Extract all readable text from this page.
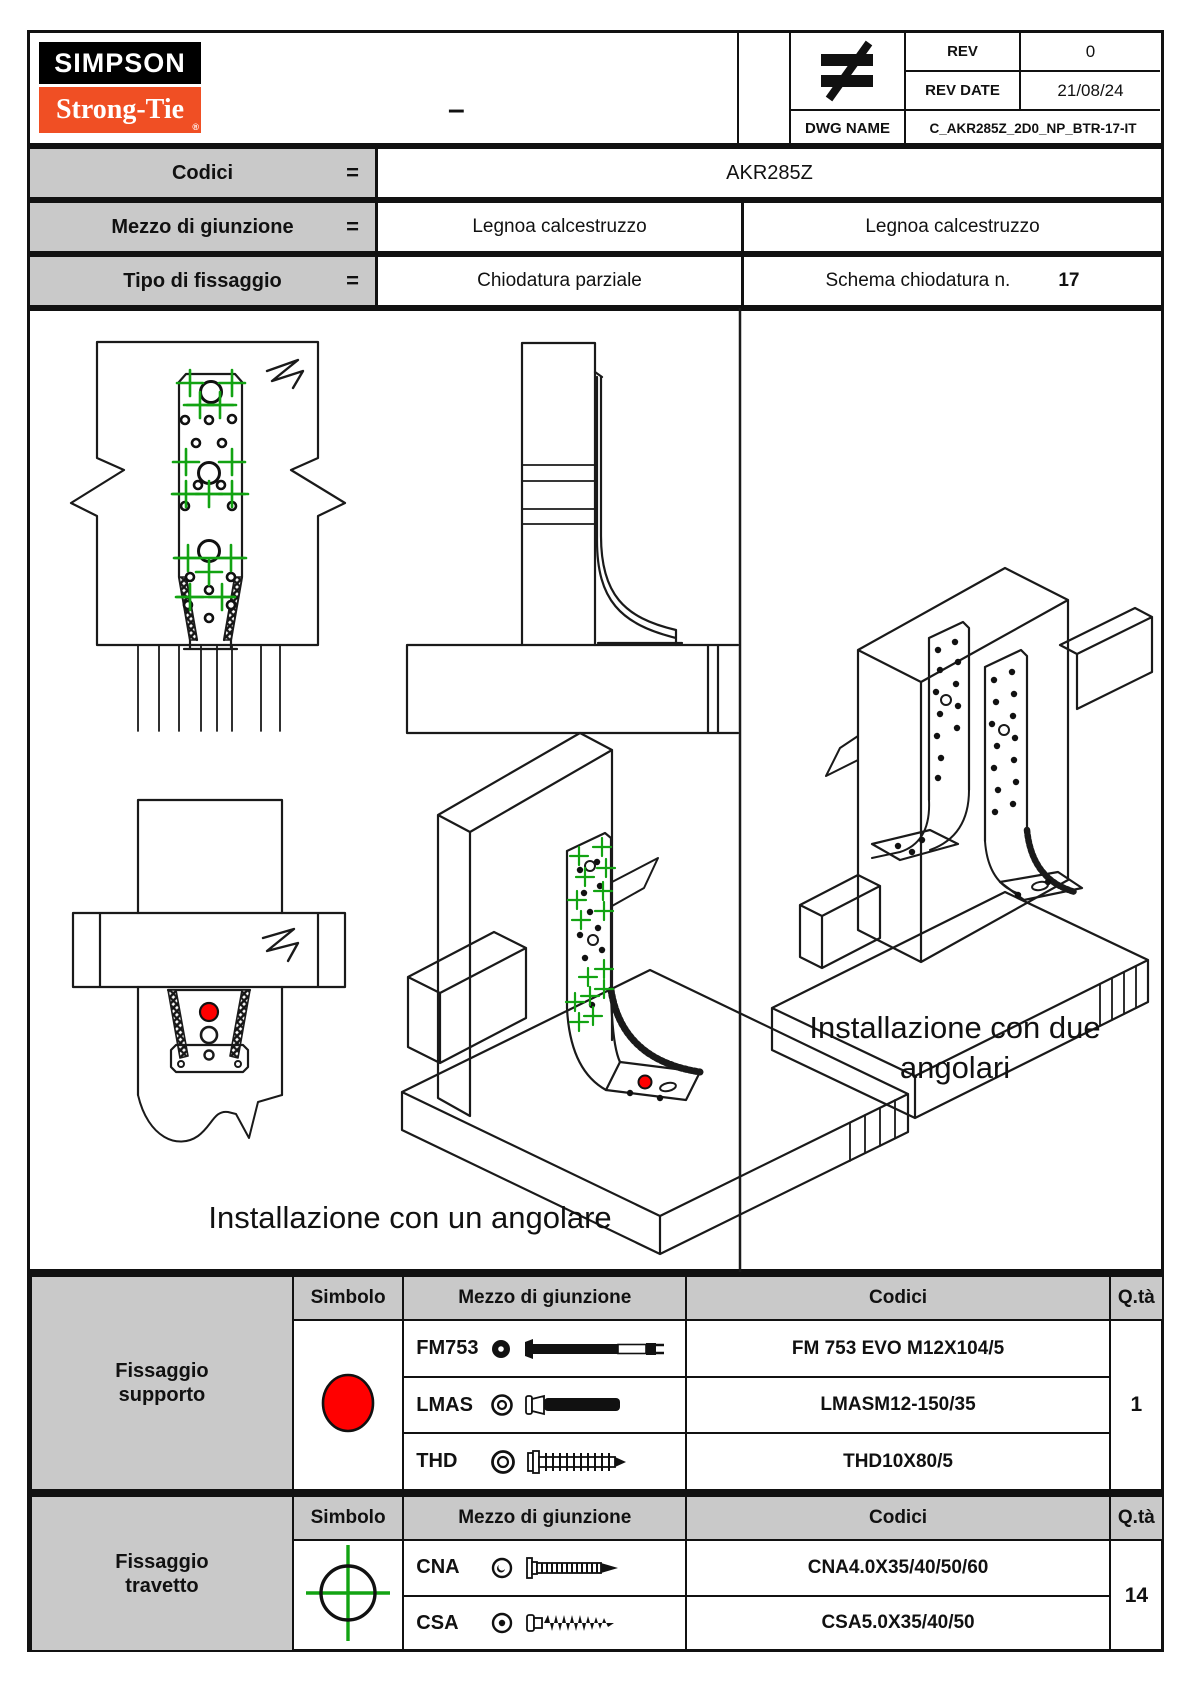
SIMPSON
Strong-Tie
®
–
REV	0
REV DATE	21/08/24
DWG NAME	C_AKR285Z_2D0_NP_BTR-17-IT
Codici	=	AKR285Z
Mezzo di giunzione =	Legnoa calcestruzzo	Legnoa calcestruzzo
Tipo di fissaggio	=	Chiodatura parziale	Schema chiodatura n.	17
Installazione con un angolare
Installazione con due
angolari
Fissaggio
supporto	Simbolo	Mezzo di giunzione	Codici	Q.tà

FM753	FM 753 EVO M12X104/5	1

		LMAS	LMASM12-150/35	

		THD	THD10X80/5	
Fissaggio
travetto	Simbolo	Mezzo di giunzione	Codici	Q.tà

CNA	CNA4.0X35/40/50/60	14

		CSA	CSA5.0X35/40/50	
